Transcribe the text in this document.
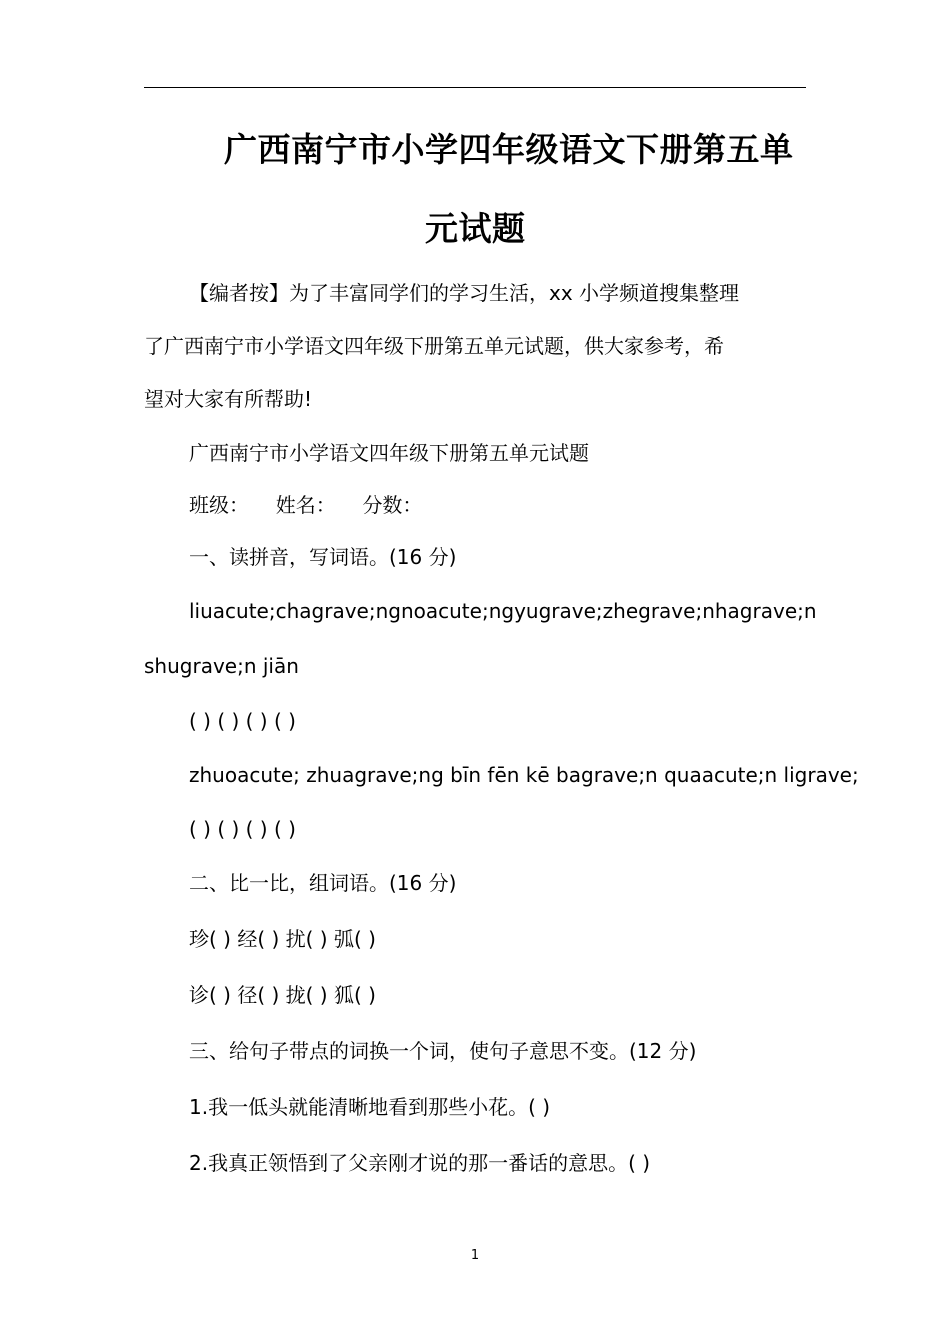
广西南宁市小学四年级语文下册第五单
元试题
【编者按】为了丰富同学们的学习生活，xx 小学频道搜集整理
了广西南宁市小学语文四年级下册第五单元试题，供大家参考，希
望对大家有所帮助!
广西南宁市小学语文四年级下册第五单元试题
班级： 姓名： 分数：
一、读拼音，写词语。(16 分)
liuacute; chagrave;ng noacute;ng yugrave; zhegrave;n hagrave;n
shugrave;n jiān
( ) ( ) ( ) ( )
zhuoacute; zhuagrave;ng bīn fēn kē bagrave;n quaacute;n ligrave;
( ) ( ) ( ) ( )
二、比一比，组词语。(16 分)
珍( ) 经( ) 扰( ) 弧( )
诊( ) 径( ) 拢( ) 狐( )
三、给句子带点的词换一个词，使句子意思不变。(12 分)
1.我一低头就能清晰地看到那些小花。( )
2.我真正领悟到了父亲刚才说的那一番话的意思。( )
1
